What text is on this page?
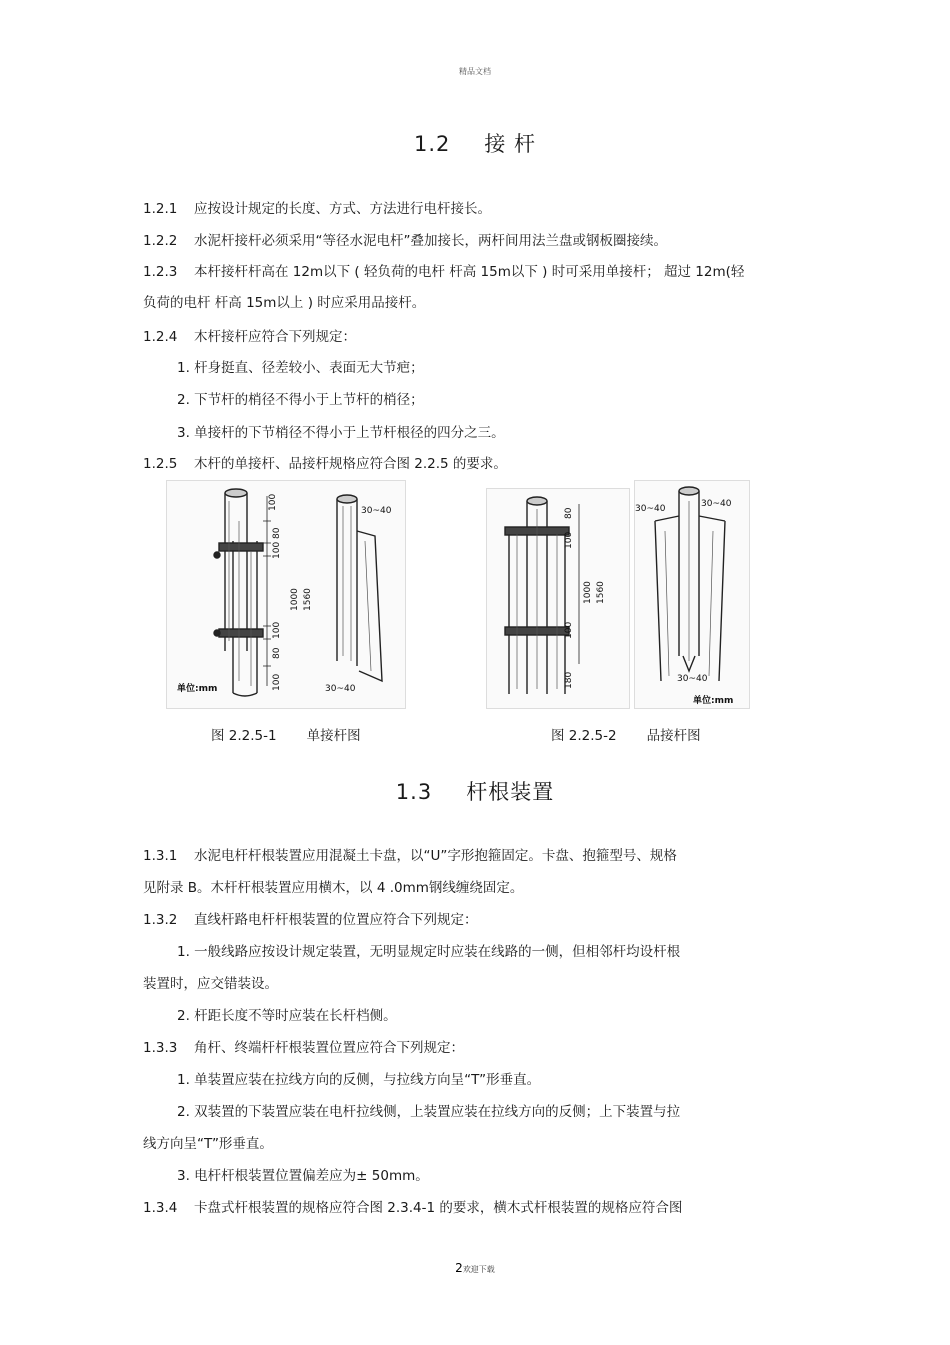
精品文档
1.2 接 杆
1.2.1 应按设计规定的长度、方式、方法进行电杆接长。
1.2.2 水泥杆接杆必须采用“等径水泥电杆”叠加接长，两杆间用法兰盘或钢板圈接续。
1.2.3 本杆接杆杆高在 12m以下 ( 轻负荷的电杆 杆高 15m以下 ) 时可采用单接杆； 超过 12m(轻
负荷的电杆 杆高 15m以上 ) 时应采用品接杆。
1.2.4 木杆接杆应符合下列规定：
1. 杆身挺直、径差较小、表面无大节疤；
2. 下节杆的梢径不得小于上节杆的梢径；
3. 单接杆的下节梢径不得小于上节杆根径的四分之三。
1.2.5 木杆的单接杆、品接杆规格应符合图 2.2.5 的要求。
100
80
100
1000 1560
100
80
100
30~40
30~40
单位:mm
80
100
1000 1560
100
180
30~40	30~40
30~40
单位:mm
图 2.2.5-1 单接杆图	图 2.2.5-2 品接杆图
1.3 杆根装置
1.3.1 水泥电杆杆根装置应用混凝土卡盘，以“U”字形抱箍固定。卡盘、抱箍型号、规格
见附录 B。木杆杆根装置应用横木，以 4 .0mm钢线缠绕固定。
1.3.2 直线杆路电杆杆根装置的位置应符合下列规定：
1. 一般线路应按设计规定装置，无明显规定时应装在线路的一侧，但相邻杆均设杆根
装置时，应交错装设。
2. 杆距长度不等时应装在长杆档侧。
1.3.3 角杆、终端杆杆根装置位置应符合下列规定：
1. 单装置应装在拉线方向的反侧，与拉线方向呈“T”形垂直。
2. 双装置的下装置应装在电杆拉线侧，上装置应装在拉线方向的反侧；上下装置与拉
线方向呈“T”形垂直。
3. 电杆杆根装置位置偏差应为± 50mm。
1.3.4 卡盘式杆根装置的规格应符合图 2.3.4-1 的要求，横木式杆根装置的规格应符合图
2欢迎下载
